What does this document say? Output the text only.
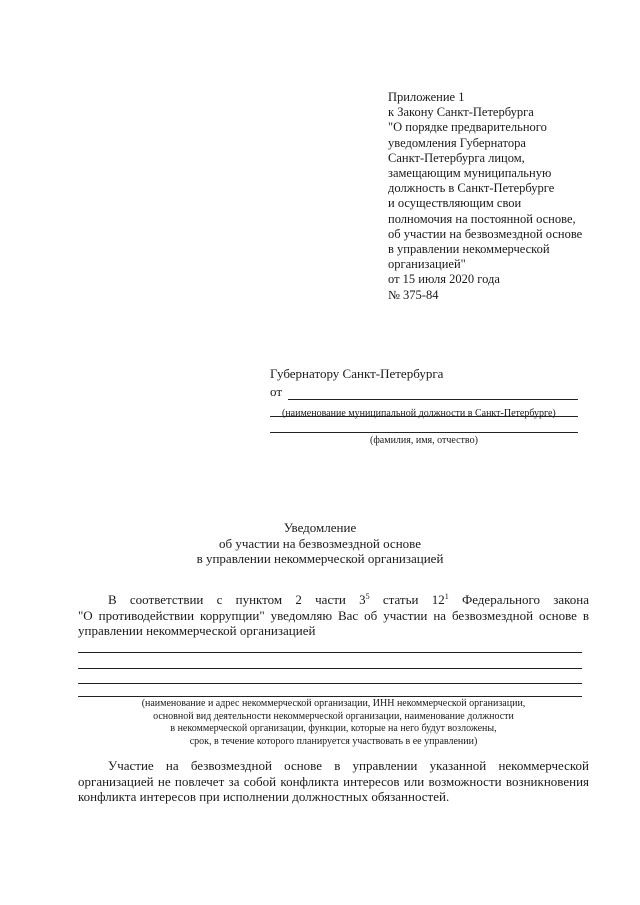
Приложение 1
к Закону Санкт-Петербурга
"О порядке предварительного
уведомления Губернатора
Санкт-Петербурга лицом,
замещающим муниципальную
должность в Санкт-Петербурге
и осуществляющим свои
полномочия на постоянной основе,
об участии на безвозмездной основе
в управлении некоммерческой
организацией"
от 15 июля 2020 года
№ 375-84
Губернатору Санкт-Петербурга
от
(наименование муниципальной должности в Санкт-Петербурге)
(фамилия, имя, отчество)
Уведомление
об участии на безвозмездной основе
в управлении некоммерческой организацией
В соответствии с пунктом 2 части $3^5$ статьи $12^1$ Федерального закона
"О противодействии коррупции" уведомляю Вас об участии на безвозмездной основе в
управлении некоммерческой организацией
(наименование и адрес некоммерческой организации, ИНН некоммерческой организации,
основной вид деятельности некоммерческой организации, наименование должности
в некоммерческой организации, функции, которые на него будут возложены,
срок, в течение которого планируется участвовать в ее управлении)
Участие на безвозмездной основе в управлении указанной некоммерческой
организацией не повлечет за собой конфликта интересов или возможности возникновения
конфликта интересов при исполнении должностных обязанностей.
